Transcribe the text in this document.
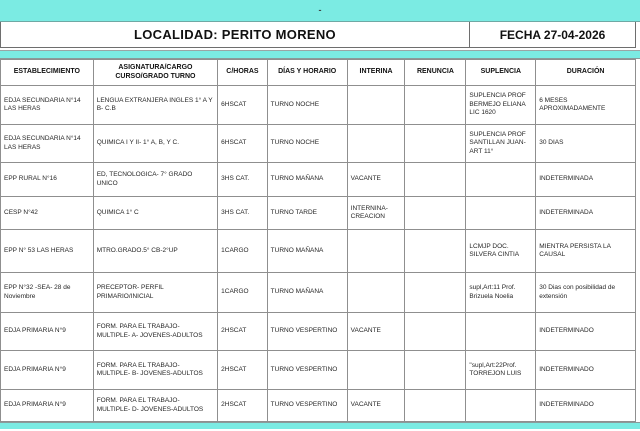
-
LOCALIDAD: PERITO MORENO	FECHA 27-04-2026
ESTABLECIMIENTO	ASIGNATURA/CARGO CURSO/GRADO TURNO	C/HORAS	DÍAS Y HORARIO	INTERINA	RENUNCIA	SUPLENCIA	DURACIÓN
EDJA SECUNDARIA N°14 LAS HERAS	LENGUA EXTRANJERA INGLES 1° A Y B- C.B	6HSCAT	TURNO NOCHE			SUPLENCIA PROF BERMEJO ELIANA LIC 1620	6 MESES APROXIMADAMENTE
EDJA SECUNDARIA N°14 LAS HERAS	QUIMICA I Y II- 1° A, B, Y C.	6HSCAT	TURNO NOCHE			SUPLENCIA PROF SANTILLAN JUAN- ART 11°	30 DIAS
EPP RURAL N°16	ED, TECNOLOGICA- 7° GRADO UNICO	3HS CAT.	TURNO MAÑANA	VACANTE			INDETERMINADA
CESP N°42	QUIMICA 1° C	3HS CAT.	TURNO TARDE	INTERNINA- CREACION			INDETERMINADA
EPP N° 53 LAS HERAS	MTRO.GRADO.5° CB-2°UP	1CARGO	TURNO MAÑANA			LCMJP DOC. SILVERA CINTIA	MIENTRA PERSISTA LA CAUSAL
EPP N°32 -SEA- 28 de Noviembre	PRECEPTOR- PERFIL PRIMARIO/INICIAL	1CARGO	TURNO MAÑANA			supl,Art:11 Prof. Brizuela Noelia	30 Dias con posibilidad de extensión
EDJA PRIMARIA N°9	FORM. PARA EL TRABAJO- MULTIPLE- A- JOVENES-ADULTOS	2HSCAT	TURNO VESPERTINO	VACANTE			INDETERMINADO
EDJA PRIMARIA N°9	FORM. PARA EL TRABAJO- MULTIPLE- B- JOVENES-ADULTOS	2HSCAT	TURNO VESPERTINO			"supl,Art:22Prof. TORREJON LUIS	INDETERMINADO
EDJA PRIMARIA N°9	FORM. PARA EL TRABAJO- MULTIPLE- D- JOVENES-ADULTOS	2HSCAT	TURNO VESPERTINO	VACANTE			INDETERMINADO
